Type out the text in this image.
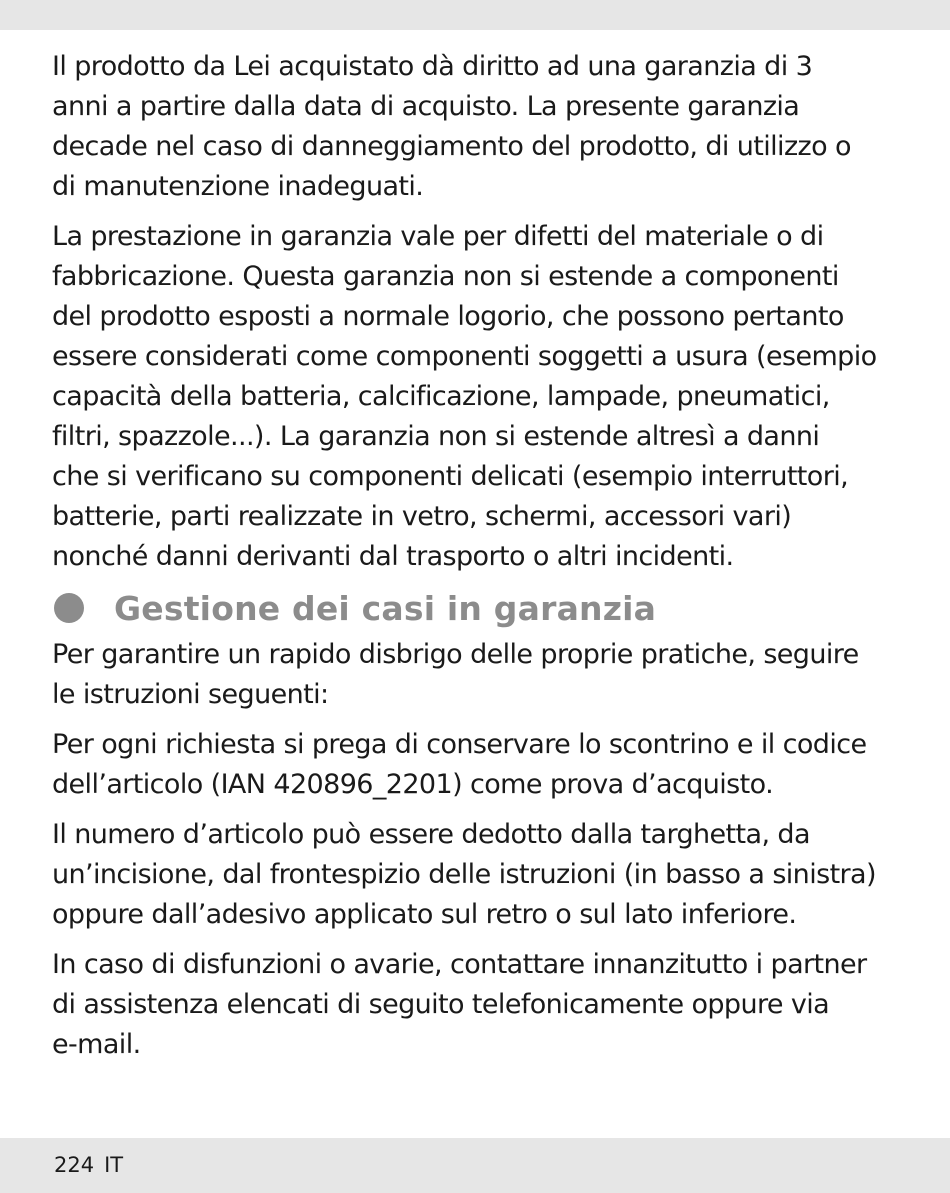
Il prodotto da Lei acquistato dà diritto ad una garanzia di 3
anni a partire dalla data di acquisto. La presente garanzia
decade nel caso di danneggiamento del prodotto, di utilizzo o
di manutenzione inadeguati.

La prestazione in garanzia vale per difetti del materiale o di
fabbricazione. Questa garanzia non si estende a componenti
del prodotto esposti a normale logorio, che possono pertanto
essere considerati come componenti soggetti a usura (esempio
capacità della batteria, calcificazione, lampade, pneumatici,
filtri, spazzole...). La garanzia non si estende altresì a danni
che si verificano su componenti delicati (esempio interruttori,
batterie, parti realizzate in vetro, schermi, accessori vari)
nonché danni derivanti dal trasporto o altri incidenti.

Gestione dei casi in garanzia

Per garantire un rapido disbrigo delle proprie pratiche, seguire
le istruzioni seguenti:

Per ogni richiesta si prega di conservare lo scontrino e il codice
dell’articolo (IAN 420896_2201) come prova d’acquisto.

Il numero d’articolo può essere dedotto dalla targhetta, da
un’incisione, dal frontespizio delle istruzioni (in basso a sinistra)
oppure dall’adesivo applicato sul retro o sul lato inferiore.

In caso di disfunzioni o avarie, contattare innanzitutto i partner
di assistenza elencati di seguito telefonicamente oppure via
e-mail.

224 IT
